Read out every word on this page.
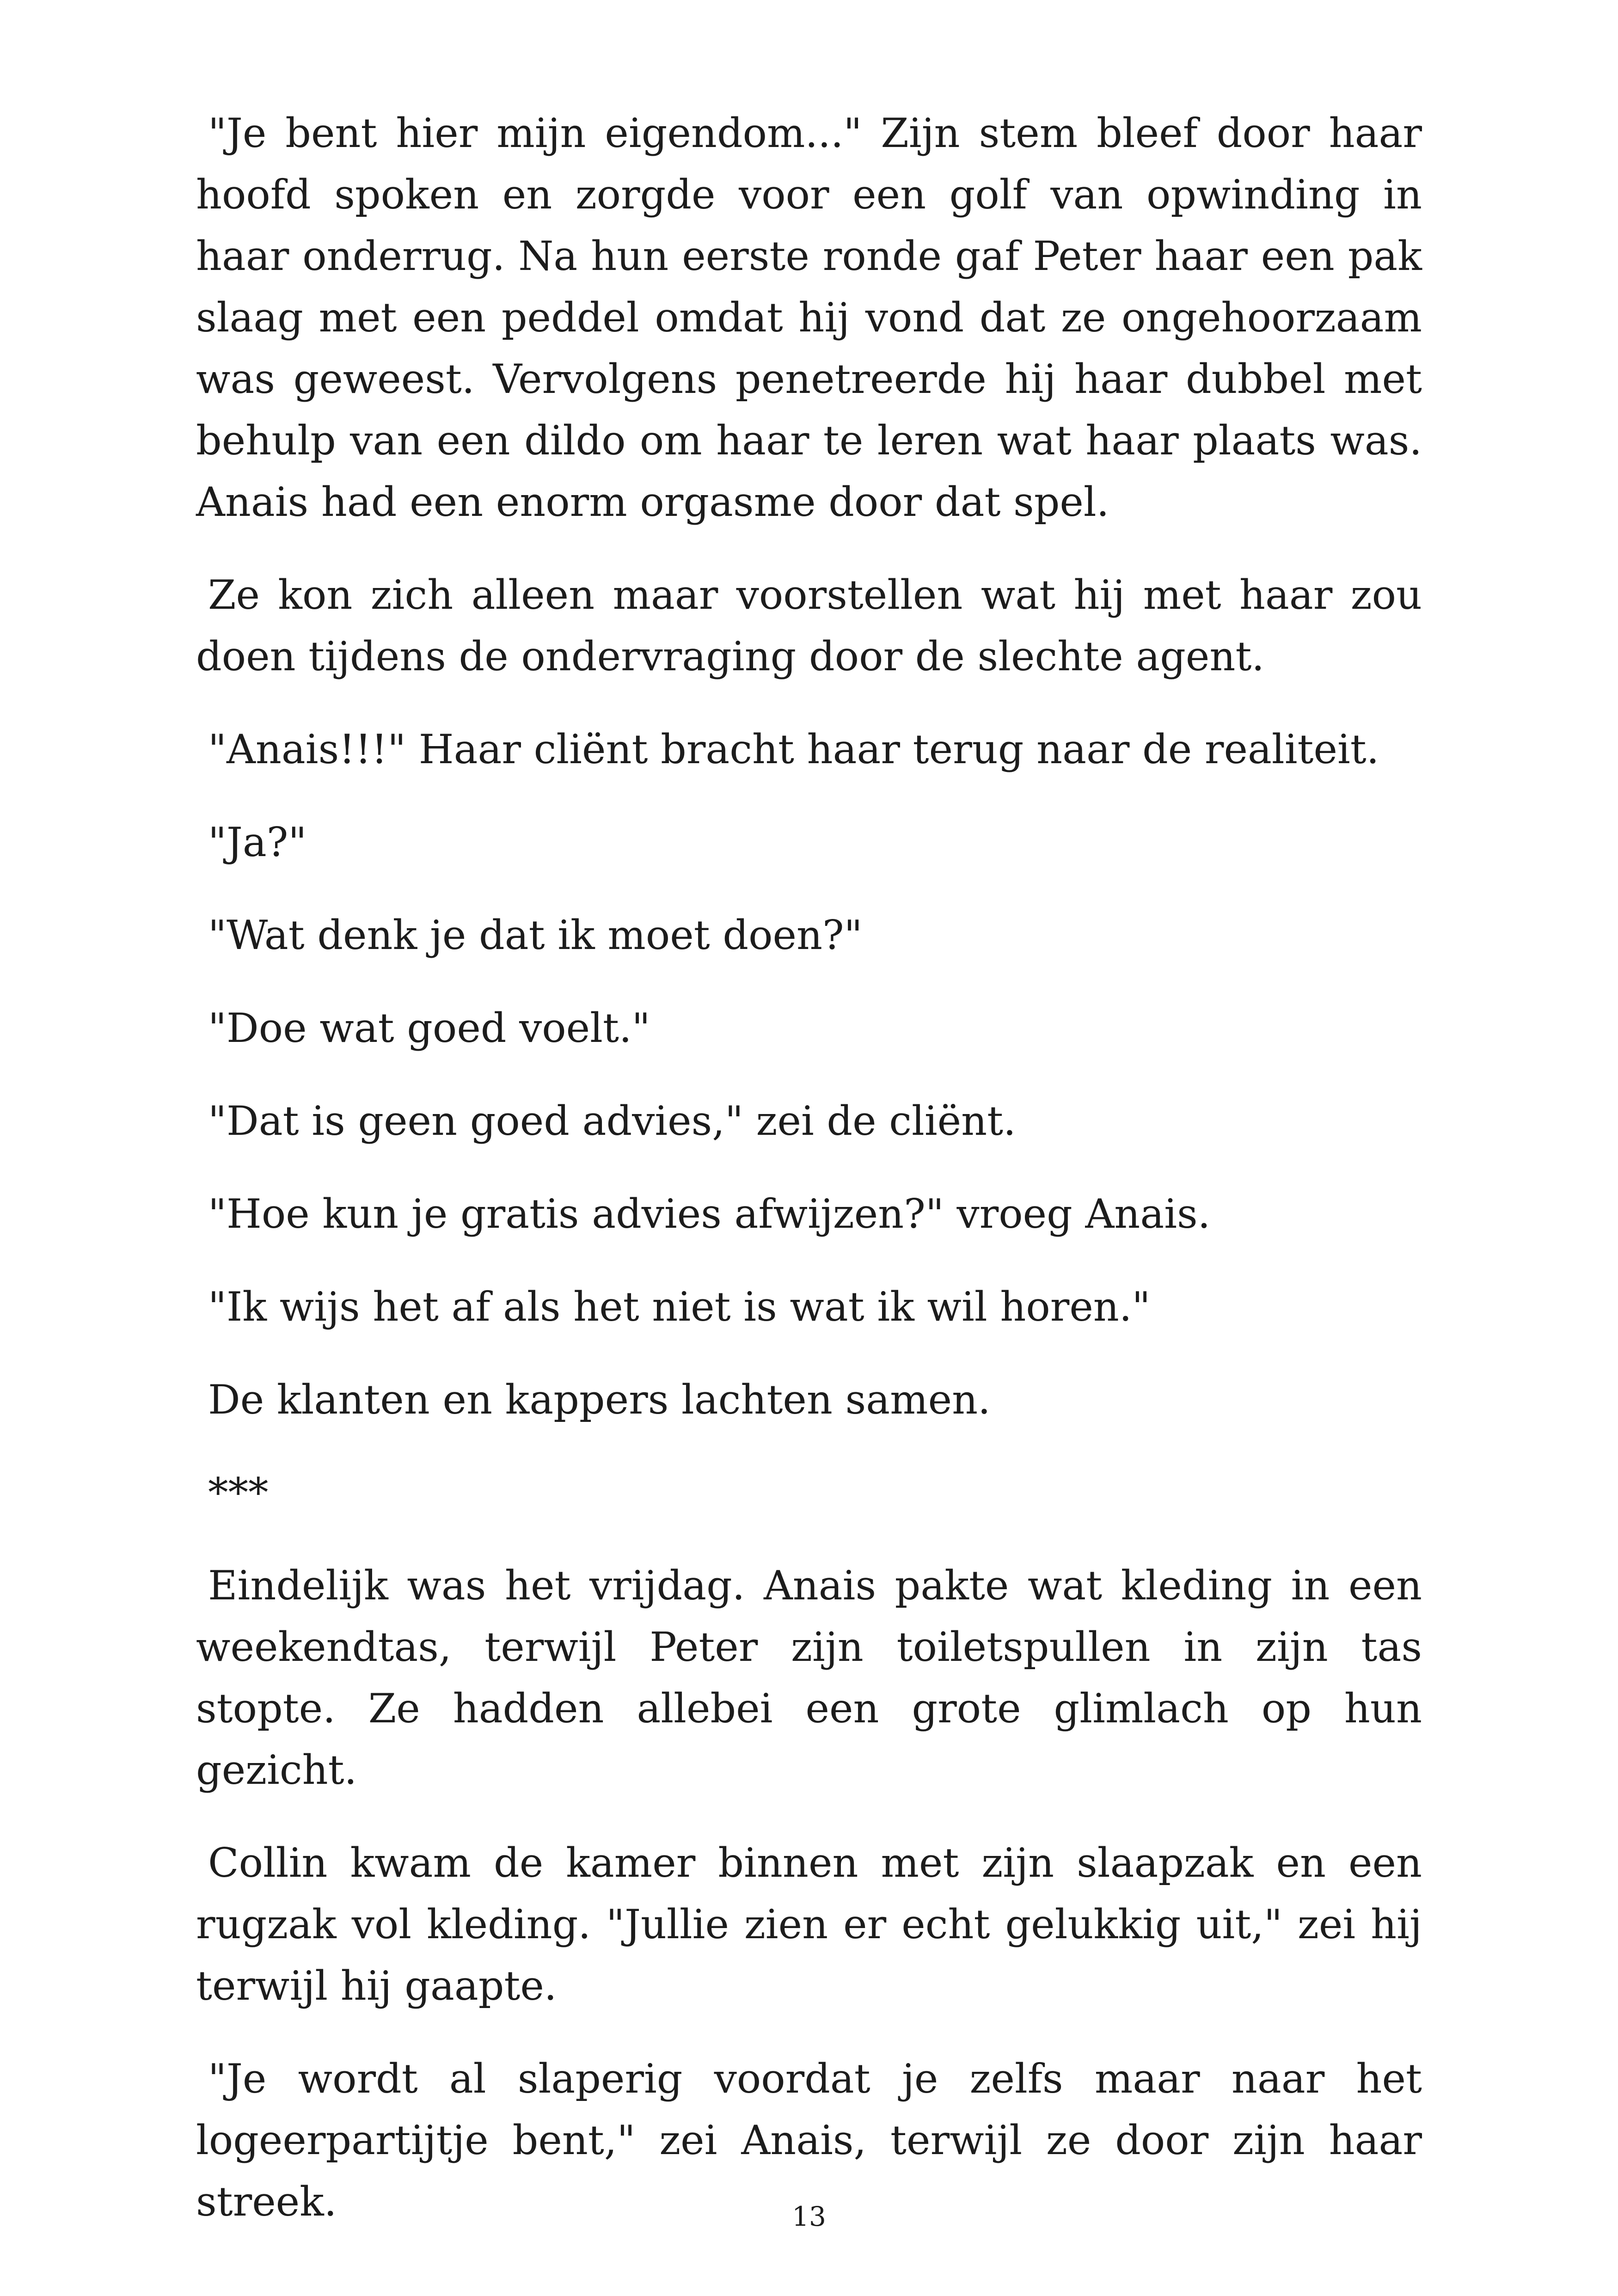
"Je bent hier mijn eigendom..." Zijn stem bleef door haar hoofd spoken en zorgde voor een golf van opwinding in haar onderrug. Na hun eerste ronde gaf Peter haar een pak slaag met een peddel omdat hij vond dat ze ongehoorzaam was geweest. Vervolgens penetreerde hij haar dubbel met behulp van een dildo om haar te leren wat haar plaats was. Anais had een enorm orgasme door dat spel.

Ze kon zich alleen maar voorstellen wat hij met haar zou doen tijdens de ondervraging door de slechte agent.

"Anais!!!" Haar cliënt bracht haar terug naar de realiteit.

"Ja?"

"Wat denk je dat ik moet doen?"

"Doe wat goed voelt."

"Dat is geen goed advies," zei de cliënt.

"Hoe kun je gratis advies afwijzen?" vroeg Anais.

"Ik wijs het af als het niet is wat ik wil horen."

De klanten en kappers lachten samen.

***

Eindelijk was het vrijdag. Anais pakte wat kleding in een weekendtas, terwijl Peter zijn toiletspullen in zijn tas stopte. Ze hadden allebei een grote glimlach op hun gezicht.

Collin kwam de kamer binnen met zijn slaapzak en een rugzak vol kleding. "Jullie zien er echt gelukkig uit," zei hij terwijl hij gaapte.

"Je wordt al slaperig voordat je zelfs maar naar het logeerpartijtje bent," zei Anais, terwijl ze door zijn haar streek.	13
